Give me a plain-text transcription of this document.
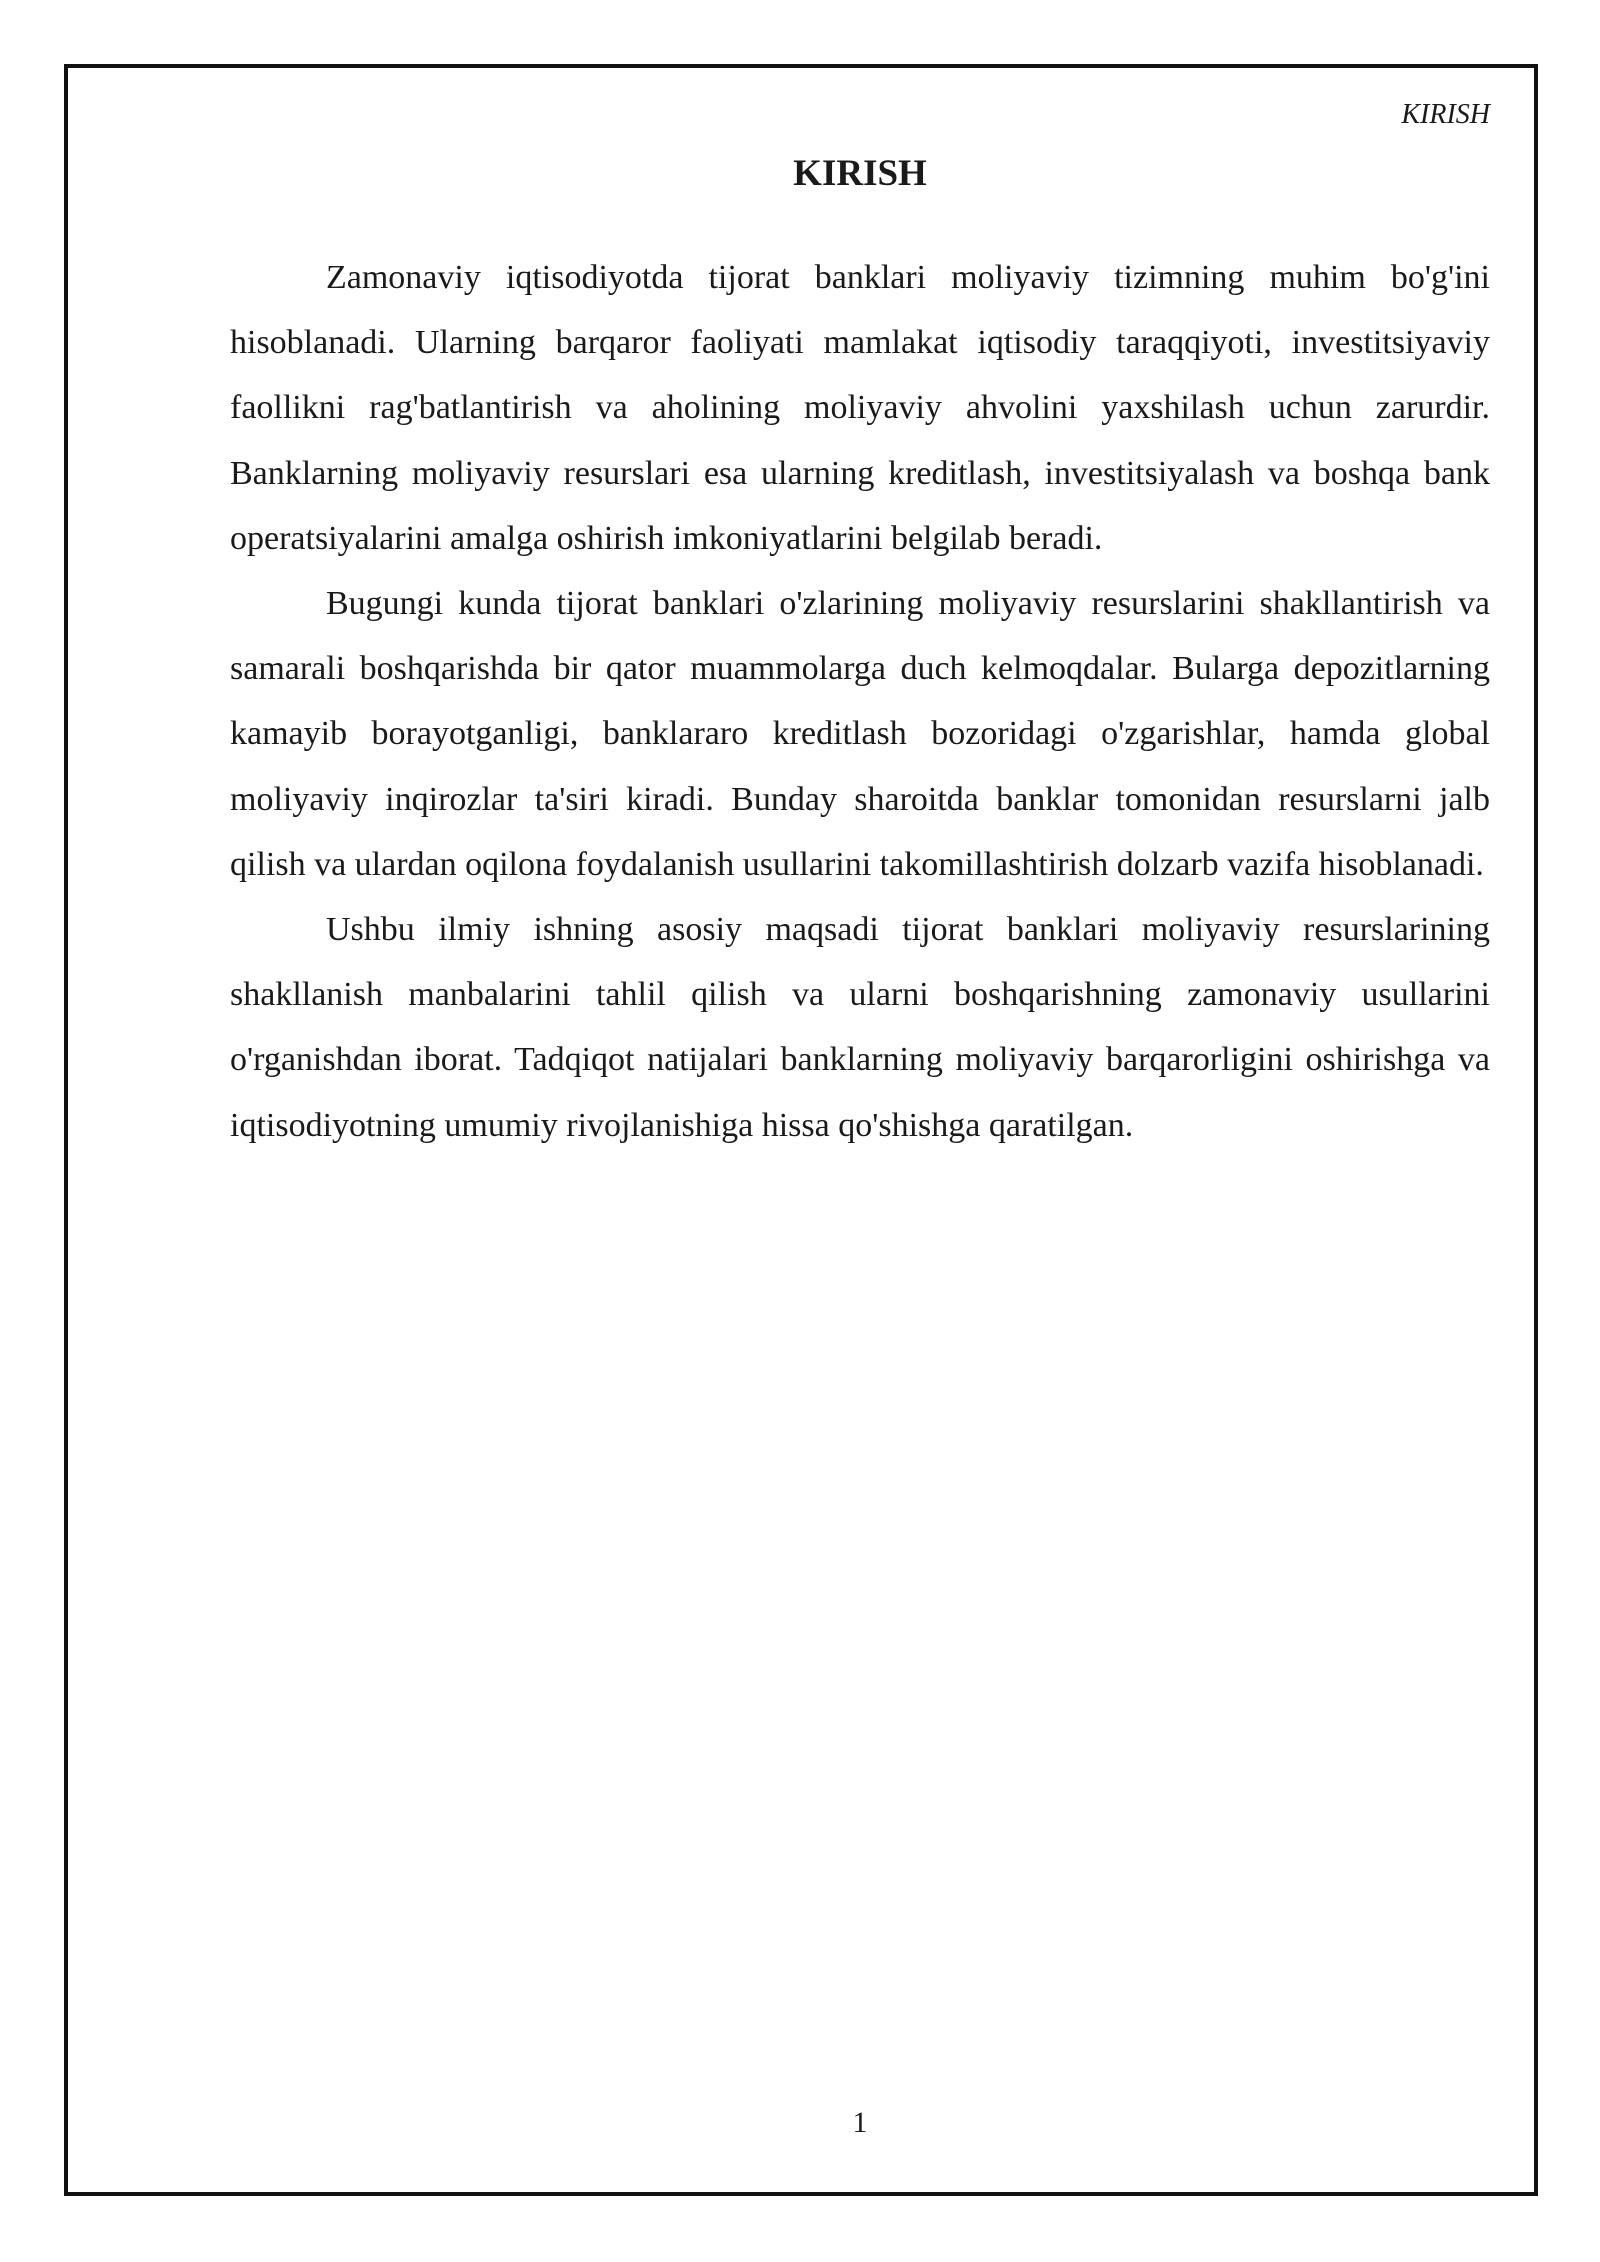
KIRISH
KIRISH

Zamonaviy iqtisodiyotda tijorat banklari moliyaviy tizimning muhim bo'g'ini hisoblanadi. Ularning barqaror faoliyati mamlakat iqtisodiy taraqqiyoti, investitsiyaviy faollikni rag'batlantirish va aholining moliyaviy ahvolini yaxshilash uchun zarurdir. Banklarning moliyaviy resurslari esa ularning kreditlash, investitsiyalash va boshqa bank operatsiyalarini amalga oshirish imkoniyatlarini belgilab beradi.

Bugungi kunda tijorat banklari o'zlarining moliyaviy resurslarini shakllantirish va samarali boshqarishda bir qator muammolarga duch kelmoqdalar. Bularga depozitlarning kamayib borayotganligi, banklararo kreditlash bozoridagi o'zgarishlar, hamda global moliyaviy inqirozlar ta'siri kiradi. Bunday sharoitda banklar tomonidan resurslarni jalb qilish va ulardan oqilona foydalanish usullarini takomillashtirish dolzarb vazifa hisoblanadi.

Ushbu ilmiy ishning asosiy maqsadi tijorat banklari moliyaviy resurslarining shakllanish manbalarini tahlil qilish va ularni boshqarishning zamonaviy usullarini o'rganishdan iborat. Tadqiqot natijalari banklarning moliyaviy barqarorligini oshirishga va iqtisodiyotning umumiy rivojlanishiga hissa qo'shishga qaratilgan.

1
